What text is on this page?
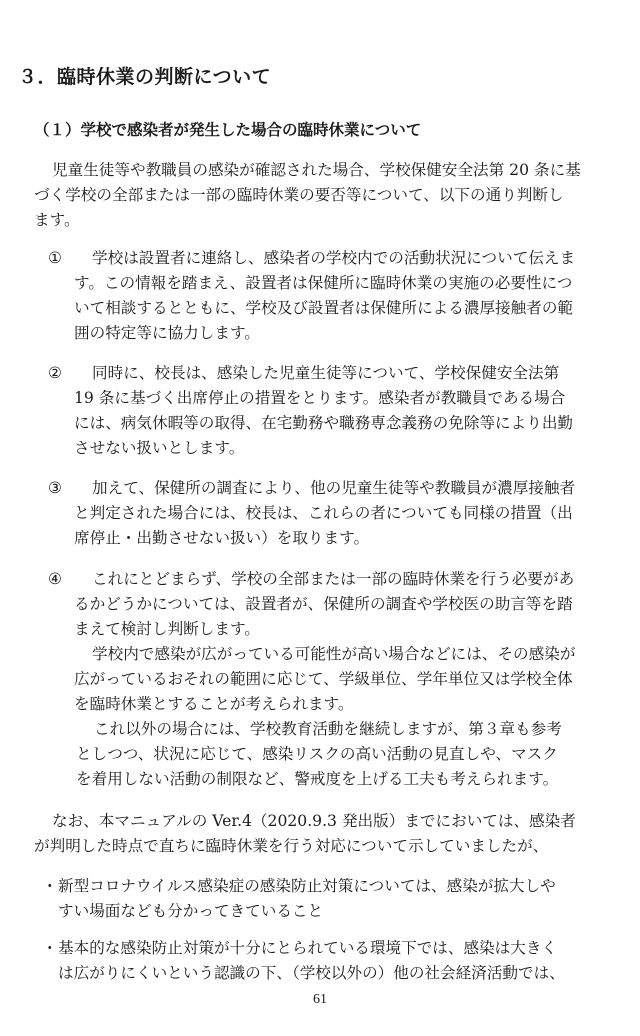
３．臨時休業の判断について
（１）学校で感染者が発生した場合の臨時休業について
児童生徒等や教職員の感染が確認された場合、学校保健安全法第 20 条に基
づく学校の全部または一部の臨時休業の要否等について、以下の通り判断し
ます。
① 学校は設置者に連絡し、感染者の学校内での活動状況について伝えま
す。この情報を踏まえ、設置者は保健所に臨時休業の実施の必要性につ
いて相談するとともに、学校及び設置者は保健所による濃厚接触者の範
囲の特定等に協力します。
② 同時に、校長は、感染した児童生徒等について、学校保健安全法第
19 条に基づく出席停止の措置をとります。感染者が教職員である場合
には、病気休暇等の取得、在宅勤務や職務専念義務の免除等により出勤
させない扱いとします。
③ 加えて、保健所の調査により、他の児童生徒等や教職員が濃厚接触者
と判定された場合には、校長は、これらの者についても同様の措置（出
席停止・出勤させない扱い）を取ります。
④ これにとどまらず、学校の全部または一部の臨時休業を行う必要があ
るかどうかについては、設置者が、保健所の調査や学校医の助言等を踏
まえて検討し判断します。
学校内で感染が広がっている可能性が高い場合などには、その感染が
広がっているおそれの範囲に応じて、学級単位、学年単位又は学校全体
を臨時休業とすることが考えられます。
これ以外の場合には、学校教育活動を継続しますが、第３章も参考
としつつ、状況に応じて、感染リスクの高い活動の見直しや、マスク
を着用しない活動の制限など、警戒度を上げる工夫も考えられます。
なお、本マニュアルの Ver.4（2020.9.3 発出版）までにおいては、感染者
が判明した時点で直ちに臨時休業を行う対応について示していましたが、
・ 新型コロナウイルス感染症の感染防止対策については、感染が拡大しや
すい場面なども分かってきていること
・ 基本的な感染防止対策が十分にとられている環境下では、感染は大きく
は広がりにくいという認識の下、（学校以外の）他の社会経済活動では、
61
